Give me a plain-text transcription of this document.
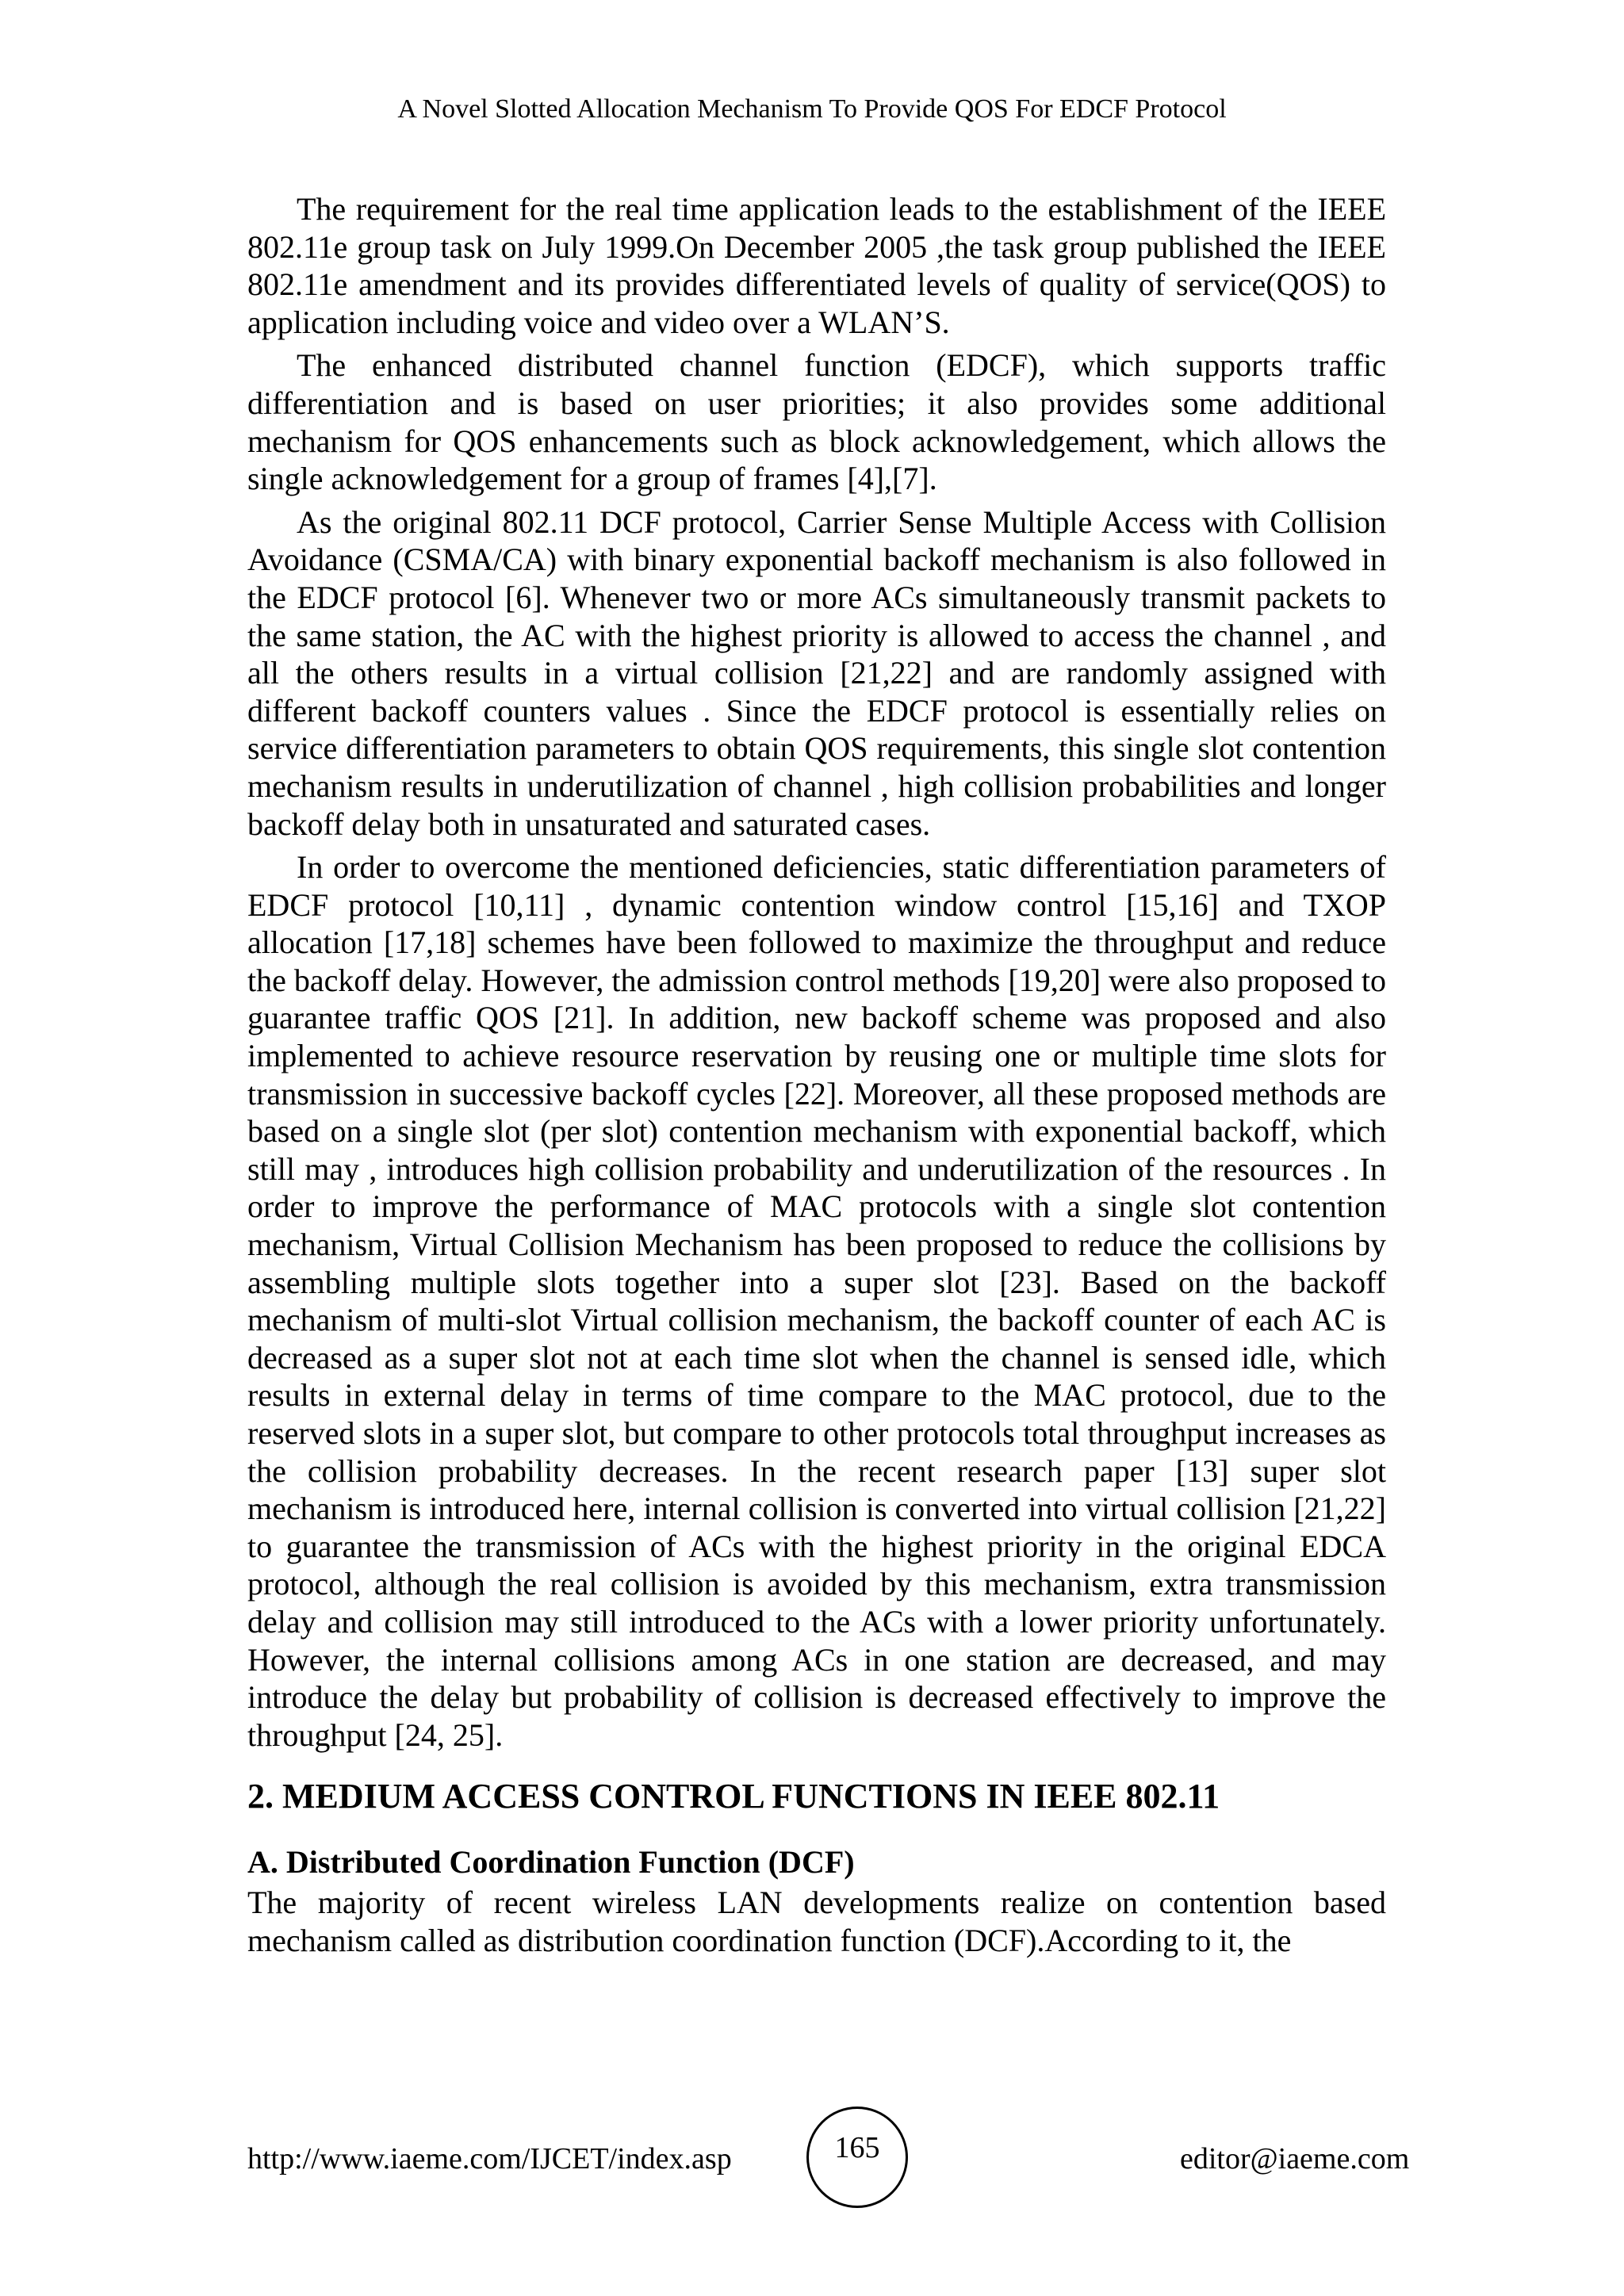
A Novel Slotted Allocation Mechanism To Provide QOS For EDCF Protocol

The requirement for the real time application leads to the establishment of the IEEE 802.11e group task on July 1999.On December 2005 ,the task group published the IEEE 802.11e amendment and its provides differentiated levels of quality of service(QOS) to application including voice and video over a WLAN’S.

The enhanced distributed channel function (EDCF), which supports traffic differentiation and is based on user priorities; it also provides some additional mechanism for QOS enhancements such as block acknowledgement, which allows the single acknowledgement for a group of frames [4],[7].

As the original 802.11 DCF protocol, Carrier Sense Multiple Access with Collision Avoidance (CSMA/CA) with binary exponential backoff mechanism is also followed in the EDCF protocol [6]. Whenever two or more ACs simultaneously transmit packets to the same station, the AC with the highest priority is allowed to access the channel , and all the others results in a virtual collision [21,22] and are randomly assigned with different backoff counters values . Since the EDCF protocol is essentially relies on service differentiation parameters to obtain QOS requirements, this single slot contention mechanism results in underutilization of channel , high collision probabilities and longer backoff delay both in unsaturated and saturated cases.

In order to overcome the mentioned deficiencies, static differentiation parameters of EDCF protocol [10,11] , dynamic contention window control [15,16] and TXOP allocation [17,18] schemes have been followed to maximize the throughput and reduce the backoff delay. However, the admission control methods [19,20] were also proposed to guarantee traffic QOS [21]. In addition, new backoff scheme was proposed and also implemented to achieve resource reservation by reusing one or multiple time slots for transmission in successive backoff cycles [22]. Moreover, all these proposed methods are based on a single slot (per slot) contention mechanism with exponential backoff, which still may , introduces high collision probability and underutilization of the resources . In order to improve the performance of MAC protocols with a single slot contention mechanism, Virtual Collision Mechanism has been proposed to reduce the collisions by assembling multiple slots together into a super slot [23]. Based on the backoff mechanism of multi-slot Virtual collision mechanism, the backoff counter of each AC is decreased as a super slot not at each time slot when the channel is sensed idle, which results in external delay in terms of time compare to the MAC protocol, due to the reserved slots in a super slot, but compare to other protocols total throughput increases as the collision probability decreases. In the recent research paper [13] super slot mechanism is introduced here, internal collision is converted into virtual collision [21,22] to guarantee the transmission of ACs with the highest priority in the original EDCA protocol, although the real collision is avoided by this mechanism, extra transmission delay and collision may still introduced to the ACs with a lower priority unfortunately. However, the internal collisions among ACs in one station are decreased, and may introduce the delay but probability of collision is decreased effectively to improve the throughput [24, 25].

2. MEDIUM ACCESS CONTROL FUNCTIONS IN IEEE 802.11
A. Distributed Coordination Function (DCF)

The majority of recent wireless LAN developments realize on contention based mechanism called as distribution coordination function (DCF).According to it, the

http://www.iaeme.com/IJCET/index.asp	165	editor@iaeme.com
